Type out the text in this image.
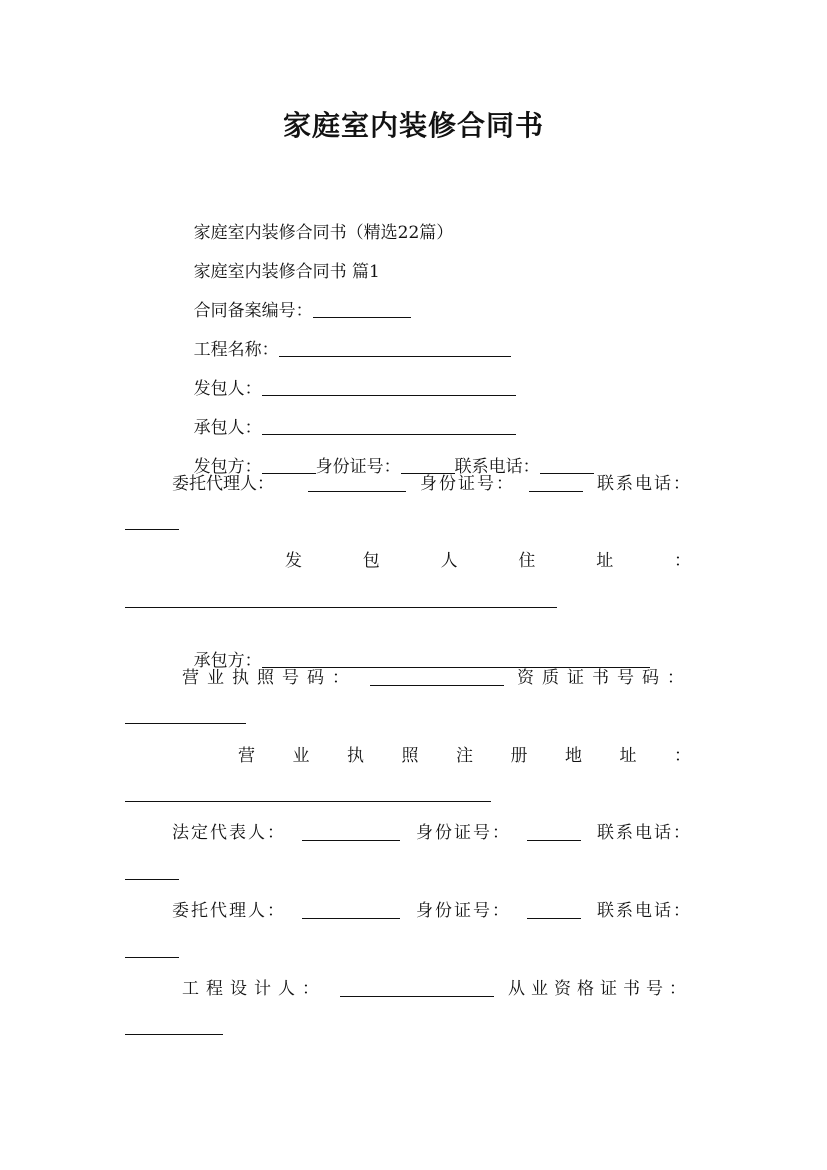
家庭室内装修合同书

家庭室内装修合同书（精选22篇）

家庭室内装修合同书 篇1

合同备案编号：

工程名称：

发包人：

承包人：

发包方：	身份证号：	联系电话：

委托代理人：	身份证号：	联系电话：
发	包	人	住	址	：

承包方：

营业执照号码：	资质证书号码：
营 业 执 照 注 册 地 址 ：
法定代表人：	身份证号：	联系电话：
委托代理人：	身份证号：	联系电话：
工程设计人：	从业资格证书号：
